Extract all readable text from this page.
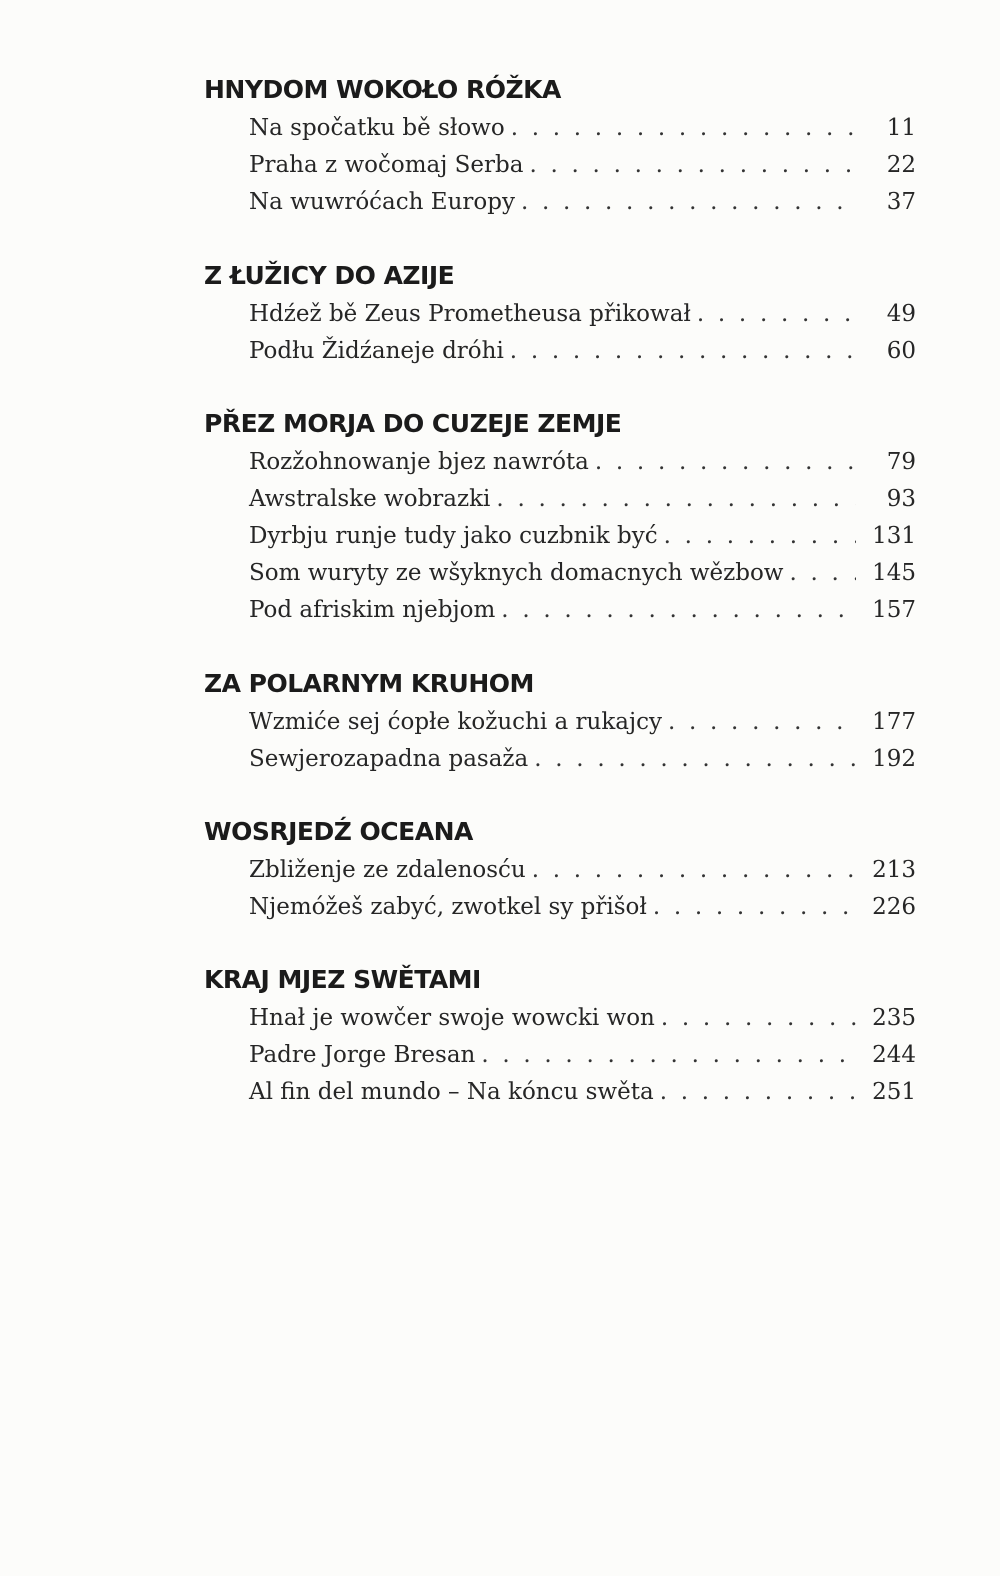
HNYDOM WOKOŁO RÓŽKA
Na spočatku bě słowo . . .	11
Praha z wočomaj Serba . . .	22
Na wuwróćach Europy . . .	37
Z ŁUŽICY DO AZIJE
Hdźež bě Zeus Prometheusa přikował . . .	49
Podłu Židźaneje dróhi . . .	60
PŘEZ MORJA DO CUZEJE ZEMJE
Rozžohnowanje bjez nawróta . . .	79
Awstralske wobrazki . . .	93
Dyrbju runje tudy jako cuzbnik być . . .	131
Som wuryty ze wšyknych domacnych wězbow . . .	145
Pod afriskim njebjom . . .	157
ZA POLARNYM KRUHOM
Wzmiće sej ćopłe kožuchi a rukajcy . . .	177
Sewjerozapadna pasaža . . .	192
WOSRJEDŹ OCEANA
Zbliženje ze zdalenosću . . .	213
Njemóžeš zabyć, zwotkel sy přišoł . . .	226
KRAJ MJEZ SWĚTAMI
Hnał je wowčer swoje wowcki won . . .	235
Padre Jorge Bresan . . .	244
Al fin del mundo – Na kóncu swěta . . .	251
